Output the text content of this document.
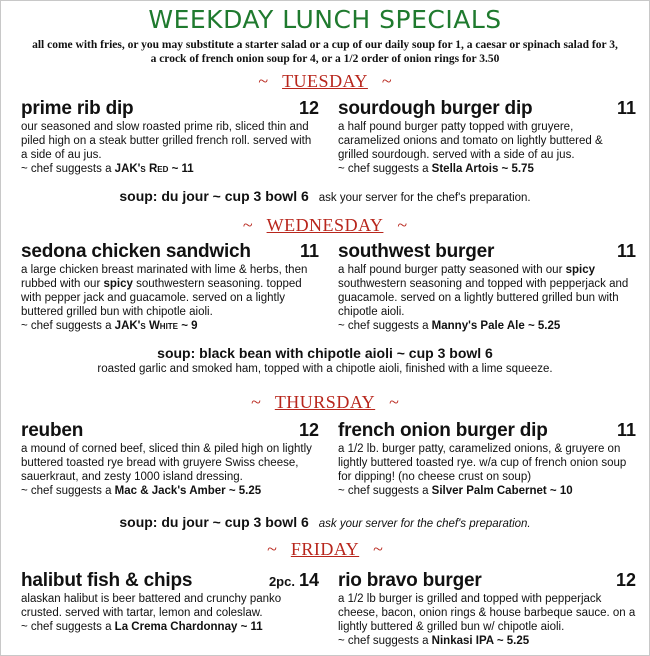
WEEKDAY LUNCH SPECIALS
all come with fries, or you may substitute a starter salad or a cup of our daily soup for 1, a caesar or spinach salad for 3,
a crock of french onion soup for 4, or a 1/2 order of onion rings for 3.50
~ TUESDAY ~
prime rib dip	12
our seasoned and slow roasted prime rib, sliced thin and piled high on a steak butter grilled french roll. served with a side of au jus.
~ chef suggests a JAK's Red ~ 11
sourdough burger dip	11
a half pound burger patty topped with gruyere, caramelized onions and tomato on lightly buttered & grilled sourdough. served with a side of au jus.
~ chef suggests a Stella Artois ~ 5.75
soup: du jour ~ cup 3 bowl 6 ask your server for the chef's preparation.
~ WEDNESDAY ~
sedona chicken sandwich	11
a large chicken breast marinated with lime & herbs, then rubbed with our spicy southwestern seasoning. topped with pepper jack and guacamole. served on a lightly buttered grilled bun with chipotle aioli.
~ chef suggests a JAK's White ~ 9
southwest burger	11
a half pound burger patty seasoned with our spicy southwestern seasoning and topped with pepperjack and guacamole. served on a lightly buttered grilled bun with chipotle aioli.
~ chef suggests a Manny's Pale Ale ~ 5.25
soup: black bean with chipotle aioli ~ cup 3 bowl 6
roasted garlic and smoked ham, topped with a chipotle aioli, finished with a lime squeeze.
~ THURSDAY ~
reuben	12
a mound of corned beef, sliced thin & piled high on lightly buttered toasted rye bread with gruyere Swiss cheese, sauerkraut, and zesty 1000 island dressing.
~ chef suggests a Mac & Jack's Amber ~ 5.25
french onion burger dip	11
a 1/2 lb. burger patty, caramelized onions, & gruyere on lightly buttered toasted rye. w/a cup of french onion soup for dipping! (no cheese crust on soup)
~ chef suggests a Silver Palm Cabernet ~ 10
soup: du jour ~ cup 3 bowl 6 ask your server for the chef's preparation.
~ FRIDAY ~
halibut fish & chips	2pc. 14
alaskan halibut is beer battered and crunchy panko crusted. served with tartar, lemon and coleslaw.
~ chef suggests a La Crema Chardonnay ~ 11
rio bravo burger	12
a 1/2 lb burger is grilled and topped with pepperjack cheese, bacon, onion rings & house barbeque sauce. on a lightly buttered & grilled bun w/ chipotle aioli.
~ chef suggests a Ninkasi IPA ~ 5.25
